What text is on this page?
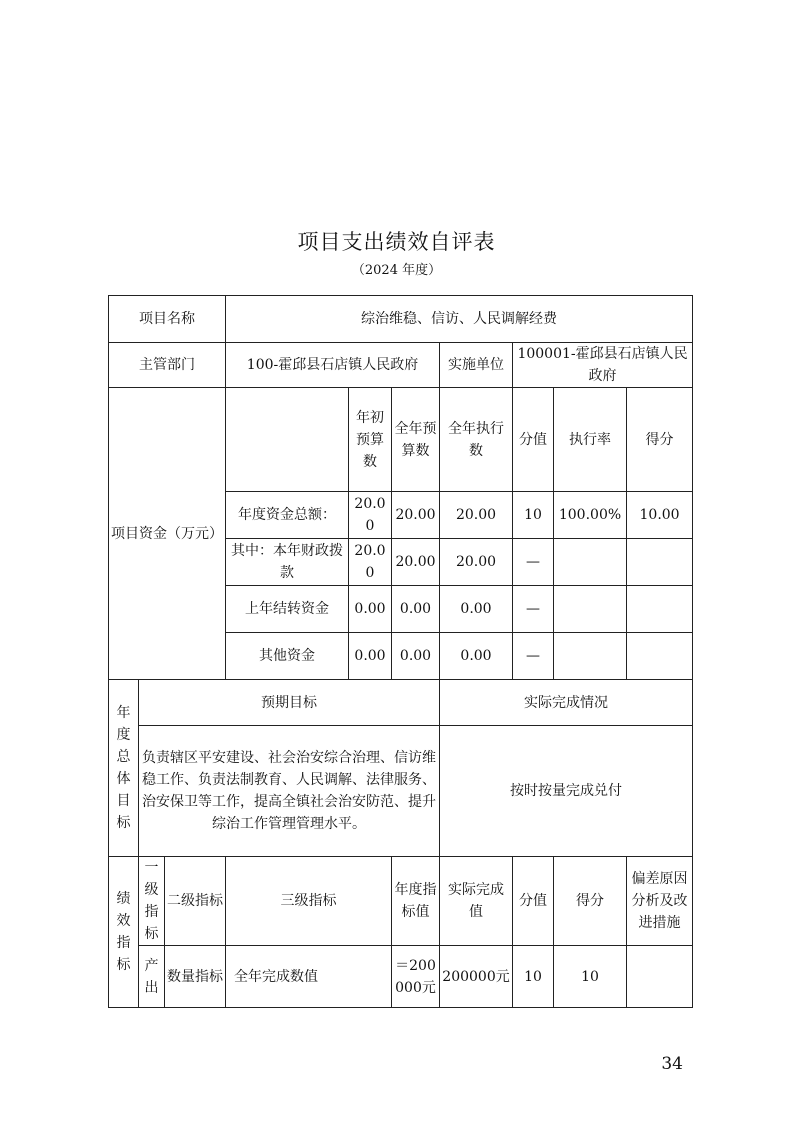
项目支出绩效自评表
（2024 年度）
项目名称			综治维稳、信访、人民调解经费						
主管部门			100-霍邱县石店镇人民政府			实施单位	100001-霍邱县石店镇人民政府		
项目资金（万元）				年初预算数	全年预算数	全年执行数	分值	执行率	得分
			年度资金总额：	20.00	20.00	20.00	10	100.00%	10.00
			其中：本年财政拨款	20.00	20.00	20.00	—		
			上年结转资金	0.00	0.00	0.00	—		
			其他资金	0.00	0.00	0.00	—		
年度总体目标	预期目标					实际完成情况			
	负责辖区平安建设、社会治安综合治理、信访维稳工作、负责法制教育、人民调解、法律服务、治安保卫等工作，提高全镇社会治安防范、提升综治工作管理管理水平。					按时按量完成兑付			
绩效指标	一级指标	二级指标	三级指标		年度指标值	实际完成值	分值	得分	偏差原因分析及改进措施
	产出	数量指标	全年完成数值		＝200000元	200000元	10	10	
34
